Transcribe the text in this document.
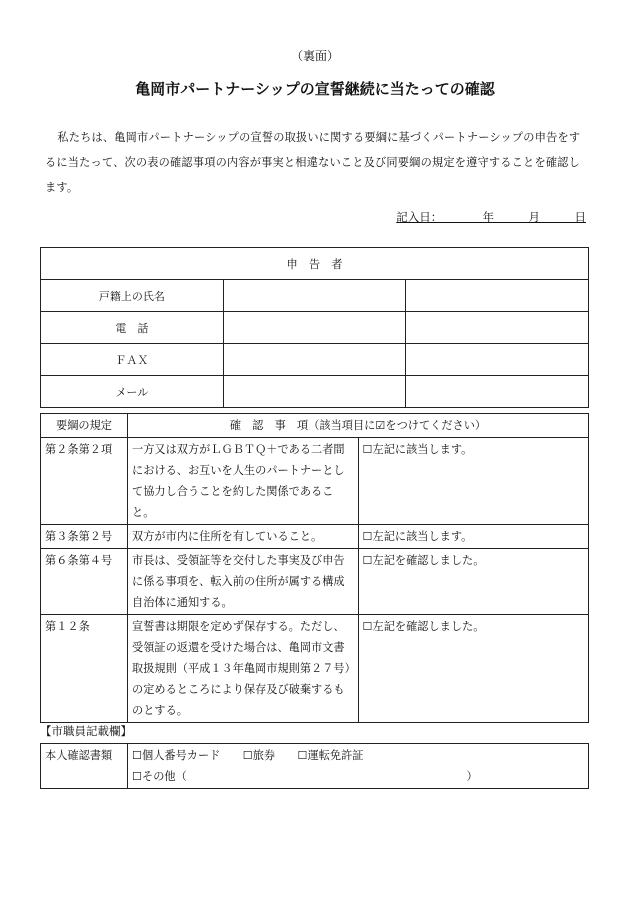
（裏面）
亀岡市パートナーシップの宣誓継続に当たっての確認
私たちは、亀岡市パートナーシップの宣誓の取扱いに関する要綱に基づくパートナーシップの申告をするに当たって、次の表の確認事項の内容が事実と相違ないこと及び同要綱の規定を遵守することを確認します。
記入日：　　　　年　　　月　　　日
申　告　者		
戸籍上の氏名		
電　話		
ＦＡＸ		
メール		
要綱の規定	確　認　事　項（該当項目に☑をつけてください）	
第２条第２項	一方又は双方がＬＧＢＴＱ＋である二者間における、お互いを人生のパートナーとして協力し合うことを約した関係であること。	☐左記に該当します。
第３条第２号	双方が市内に住所を有していること。	☐左記に該当します。
第６条第４号	市長は、受領証等を交付した事実及び申告に係る事項を、転入前の住所が属する構成自治体に通知する。	☐左記を確認しました。
第１２条	宣誓書は期限を定めず保存する。ただし、受領証の返還を受けた場合は、亀岡市文書取扱規則（平成１３年亀岡市規則第２７号）の定めるところにより保存及び破棄するものとする。	☐左記を確認しました。
【市職員記載欄】
本人確認書類	☐個人番号カード　　☐旅券　　☐運転免許証
☐その他（　　　　　　　　　　　　　　　　　　　　　　　　　）
